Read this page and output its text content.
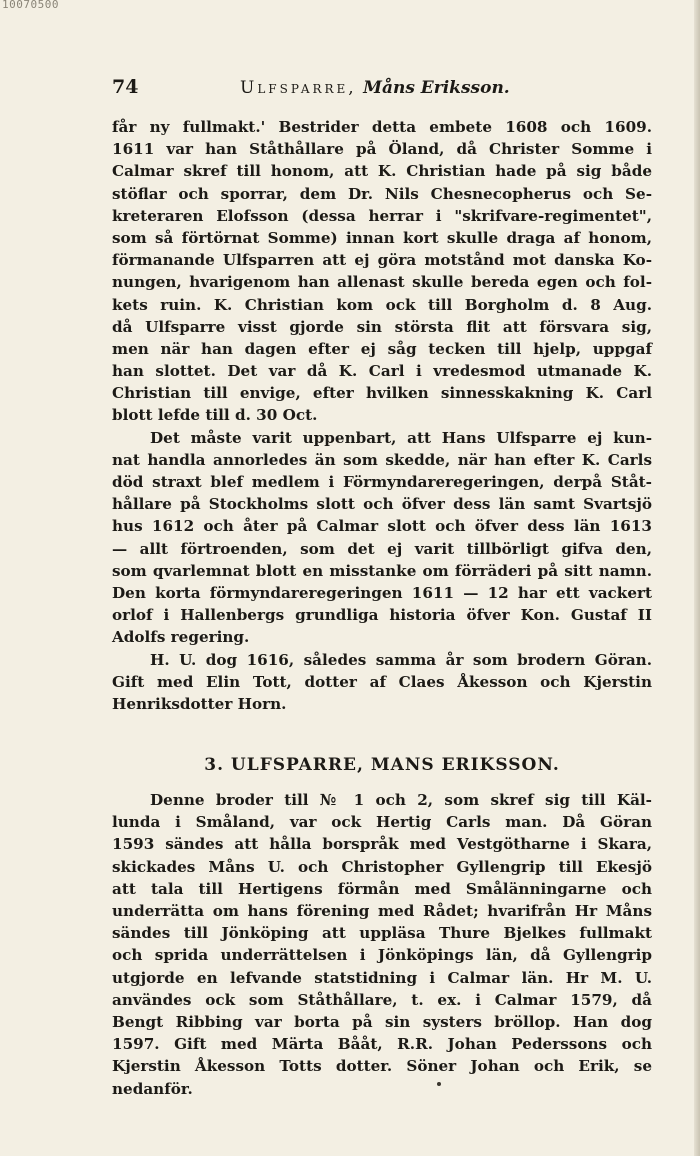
10070500
74	Ulfsparre, Måns Eriksson.
får ny fullmakt.' Bestrider detta embete 1608 och 1609.
1611 var han Ståthållare på Öland, då Christer Somme i
Calmar skref till honom, att K. Christian hade på sig både
stöflar och sporrar, dem Dr. Nils Chesnecopherus och Se-
kreteraren Elofsson (dessa herrar i "skrifvare-regimentet",
som så förtörnat Somme) innan kort skulle draga af honom,
förmanande Ulfsparren att ej göra motstånd mot danska Ko-
nungen, hvarigenom han allenast skulle bereda egen och fol-
kets ruin. K. Christian kom ock till Borgholm d. 8 Aug.
då Ulfsparre visst gjorde sin största flit att försvara sig,
men när han dagen efter ej såg tecken till hjelp, uppgaf
han slottet. Det var då K. Carl i vredesmod utmanade K.
Christian till envige, efter hvilken sinnesskakning K. Carl
blott lefde till d. 30 Oct.
Det måste varit uppenbart, att Hans Ulfsparre ej kun-
nat handla annorledes än som skedde, när han efter K. Carls
död straxt blef medlem i Förmyndareregeringen, derpå Ståt-
hållare på Stockholms slott och öfver dess län samt Svartsjö
hus 1612 och åter på Calmar slott och öfver dess län 1613
— allt förtroenden, som det ej varit tillbörligt gifva den,
som qvarlemnat blott en misstanke om förräderi på sitt namn.
Den korta förmyndareregeringen 1611 — 12 har ett vackert
orlof i Hallenbergs grundliga historia öfver Kon. Gustaf II
Adolfs regering.
H. U. dog 1616, således samma år som brodern Göran.
Gift med Elin Tott, dotter af Claes Åkesson och Kjerstin
Henriksdotter Horn.
3. ULFSPARRE, MANS ERIKSSON.
Denne broder till № 1 och 2, som skref sig till Käl-
lunda i Småland, var ock Hertig Carls man. Då Göran
1593 sändes att hålla borspråk med Vestgötharne i Skara,
skickades Måns U. och Christopher Gyllengrip till Ekesjö
att tala till Hertigens förmån med Smålänningarne och
underrätta om hans förening med Rådet; hvarifrån Hr Måns
sändes till Jönköping att uppläsa Thure Bjelkes fullmakt
och sprida underrättelsen i Jönköpings län, då Gyllengrip
utgjorde en lefvande statstidning i Calmar län. Hr M. U.
användes ock som Ståthållare, t. ex. i Calmar 1579, då
Bengt Ribbing var borta på sin systers bröllop. Han dog
1597. Gift med Märta Bååt, R.R. Johan Pederssons och
Kjerstin Åkesson Totts dotter. Söner Johan och Erik, se
nedanför.
